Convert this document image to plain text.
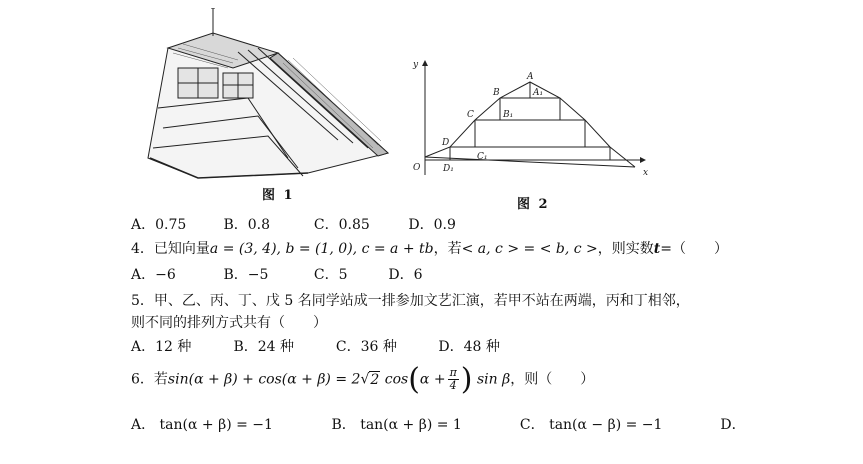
图 1
y
x
O
A
B
C
D
A₁
B₁
C₁
D₁
图 2
A．0.75	B．0.8	C．0.85	D．0.9
4．已知向量a = (3, 4), b = (1, 0), c = a + tb，若< a, c > = < b, c >，则实数t=（　　）
A．−6	B．−5	C．5	D．6
5．甲、乙、丙、丁、戊 5 名同学站成一排参加文艺汇演，若甲不站在两端，丙和丁相邻，
则不同的排列方式共有（　　）
A．12 种	B．24 种	C．36 种	D．48 种
6．若sin(α + β) + cos(α + β) = 2√2 $\cos(\alpha + \frac{\pi}{4}$ ) sin β，则（　　）
A． tan(α + β) = −1	B． tan(α + β) = 1	C． tan(α − β) = −1	D．
